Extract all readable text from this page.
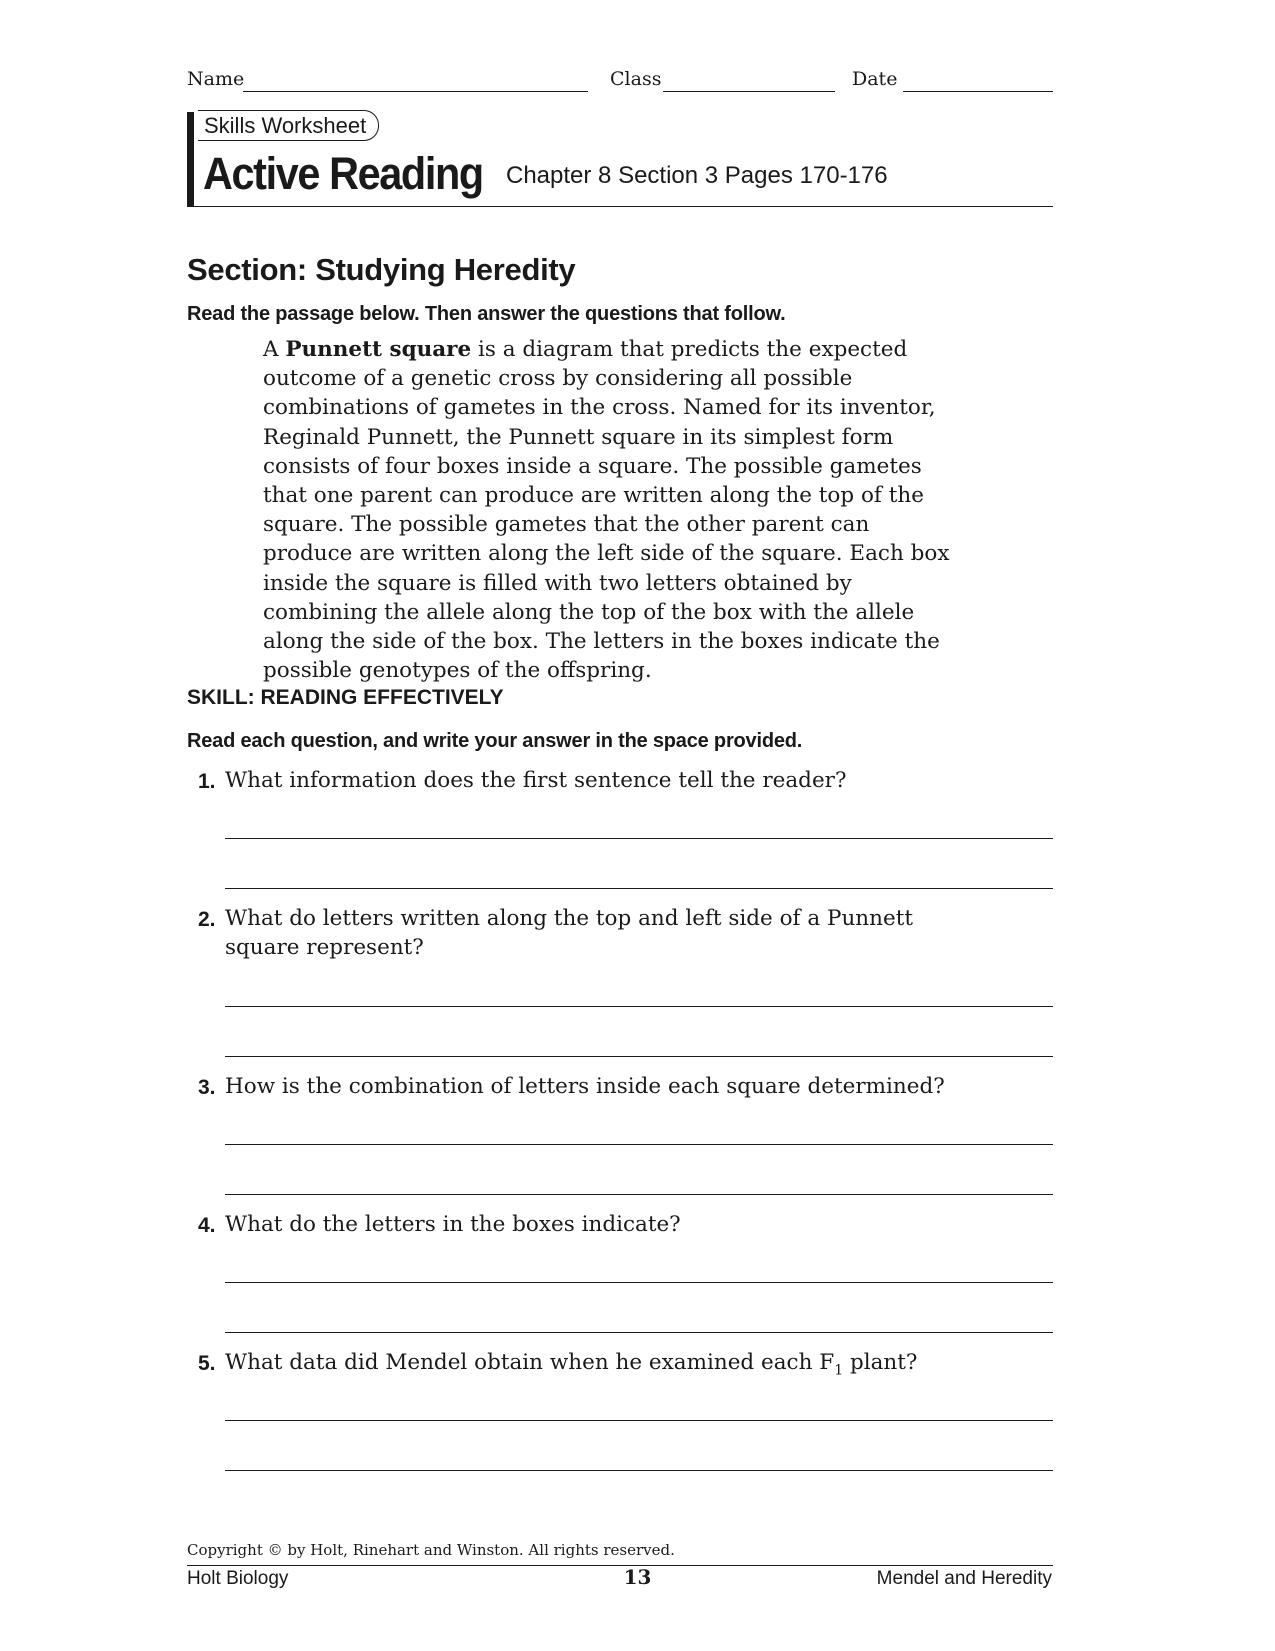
Name	Class	Date
Skills Worksheet
Active Reading Chapter 8 Section 3 Pages 170-176
Section: Studying Heredity
Read the passage below. Then answer the questions that follow.
A Punnett square is a diagram that predicts the expected outcome of a genetic cross by considering all possible combinations of gametes in the cross. Named for its inventor, Reginald Punnett, the Punnett square in its simplest form consists of four boxes inside a square. The possible gametes that one parent can produce are written along the top of the square. The possible gametes that the other parent can produce are written along the left side of the square. Each box inside the square is filled with two letters obtained by combining the allele along the top of the box with the allele along the side of the box. The letters in the boxes indicate the possible genotypes of the offspring.
SKILL: READING EFFECTIVELY
Read each question, and write your answer in the space provided.
1. What information does the first sentence tell the reader?
2. What do letters written along the top and left side of a Punnett square represent?
3. How is the combination of letters inside each square determined?
4. What do the letters in the boxes indicate?
5. What data did Mendel obtain when he examined each $F_1$ plant?
Copyright © by Holt, Rinehart and Winston. All rights reserved.
Holt Biology	13	Mendel and Heredity
